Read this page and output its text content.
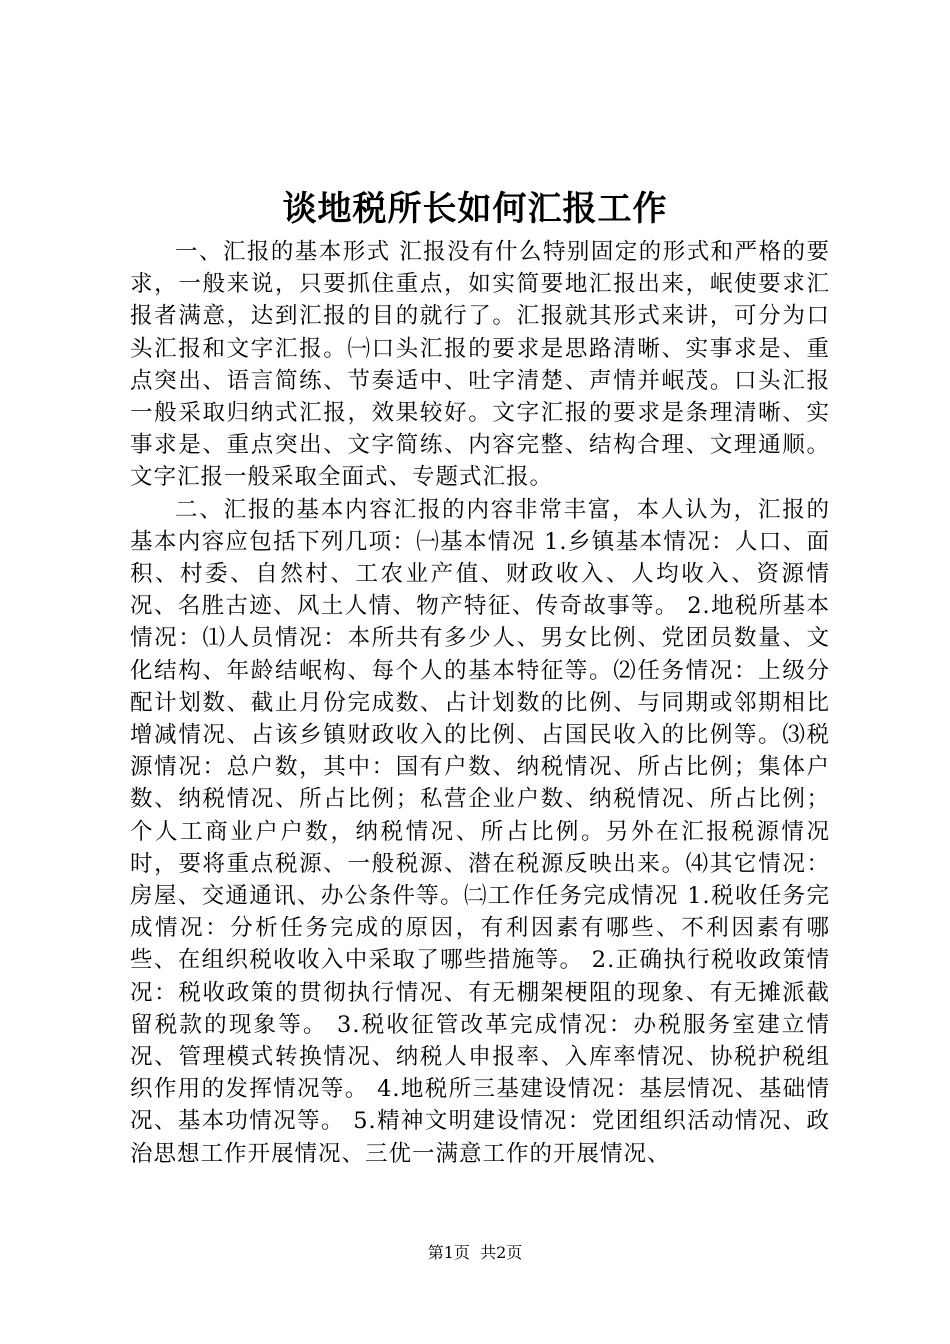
谈地税所长如何汇报工作

一、汇报的基本形式 汇报没有什么特别固定的形式和严格的要求，一般来说，只要抓住重点，如实简要地汇报出来，岷使要求汇报者满意，达到汇报的目的就行了。汇报就其形式来讲，可分为口头汇报和文字汇报。㈠口头汇报的要求是思路清晰、实事求是、重点突出、语言简练、节奏适中、吐字清楚、声情并岷茂。口头汇报一般采取归纳式汇报，效果较好。文字汇报的要求是条理清晰、实事求是、重点突出、文字简练、内容完整、结构合理、文理通顺。文字汇报一般采取全面式、专题式汇报。

二、汇报的基本内容汇报的内容非常丰富，本人认为，汇报的基本内容应包括下列几项：㈠基本情况 1.乡镇基本情况：人口、面积、村委、自然村、工农业产值、财政收入、人均收入、资源情况、名胜古迹、风土人情、物产特征、传奇故事等。 2.地税所基本情况：⑴人员情况：本所共有多少人、男女比例、党团员数量、文化结构、年龄结岷构、每个人的基本特征等。⑵任务情况：上级分配计划数、截止月份完成数、占计划数的比例、与同期或邻期相比增减情况、占该乡镇财政收入的比例、占国民收入的比例等。⑶税源情况：总户数，其中：国有户数、纳税情况、所占比例；集体户数、纳税情况、所占比例；私营企业户数、纳税情况、所占比例；个人工商业户户数，纳税情况、所占比例。另外在汇报税源情况时，要将重点税源、一般税源、潜在税源反映出来。⑷其它情况：房屋、交通通讯、办公条件等。㈡工作任务完成情况 1.税收任务完成情况：分析任务完成的原因，有利因素有哪些、不利因素有哪些、在组织税收收入中采取了哪些措施等。 2.正确执行税收政策情况：税收政策的贯彻执行情况、有无棚架梗阻的现象、有无摊派截留税款的现象等。 3.税收征管改革完成情况：办税服务室建立情况、管理模式转换情况、纳税人申报率、入库率情况、协税护税组织作用的发挥情况等。 4.地税所三基建设情况：基层情况、基础情况、基本功情况等。 5.精神文明建设情况：党团组织活动情况、政治思想工作开展情况、三优一满意工作的开展情况、

第1页 共2页
